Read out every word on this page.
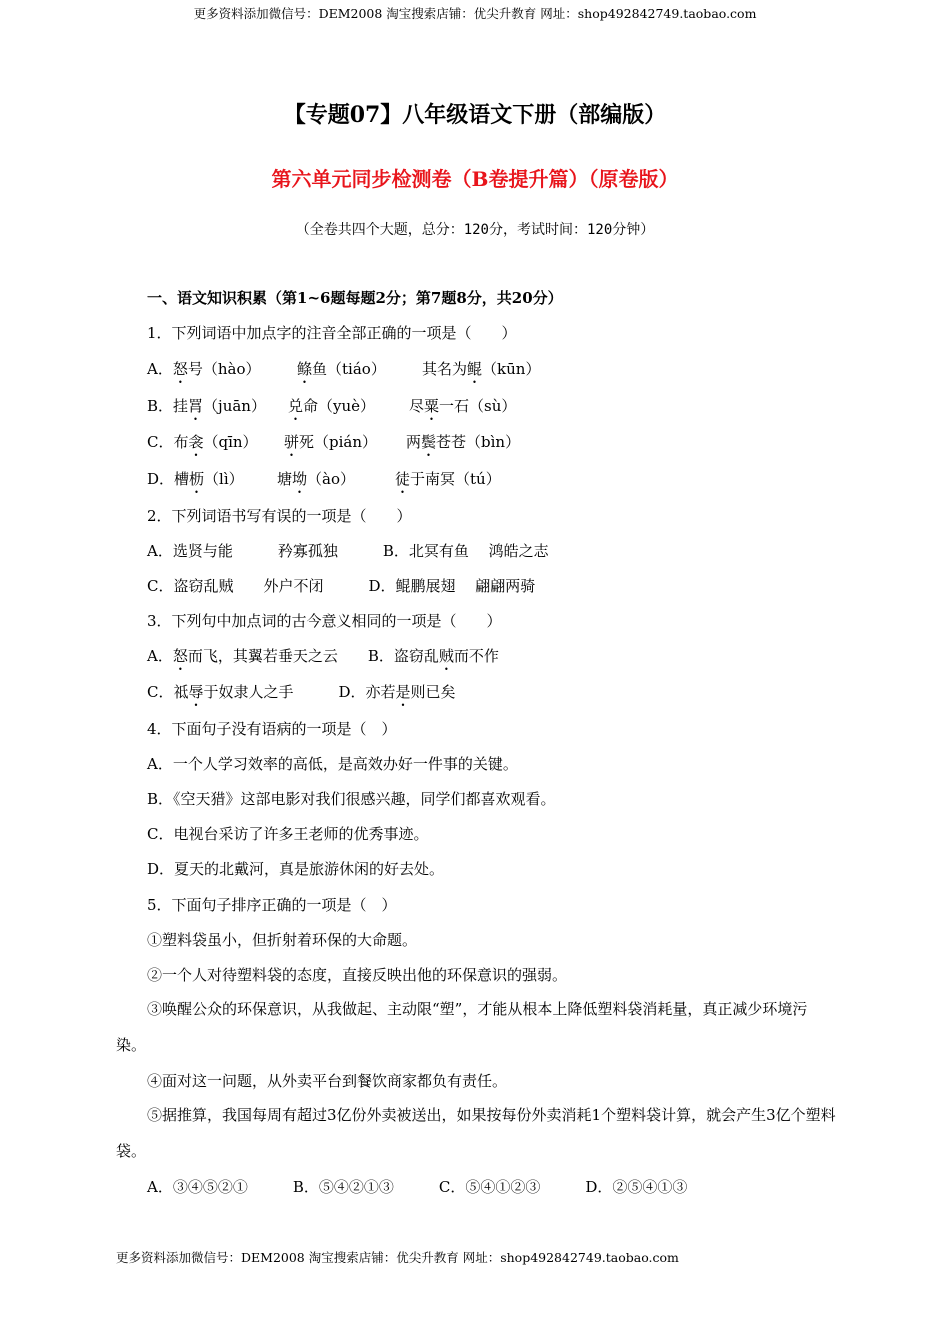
更多资料添加微信号：DEM2008 淘宝搜索店铺：优尖升教育 网址：shop492842749.taobao.com
【专题07】八年级语文下册（部编版）
第六单元同步检测卷（B卷提升篇）（原卷版）
（全卷共四个大题，总分：120分，考试时间：120分钟）
一、语文知识积累（第1~6题每题2分；第7题8分，共20分）
1．下列词语中加点字的注音全部正确的一项是（　　）
A．怒号（hào） 鲦鱼（tiáo） 其名为鲲（kūn）
B．挂罥（juān） 兑命（yuè） 尽粟一石（sù）
C．布衾（qīn） 骈死（pián） 两鬓苍苍（bìn）
D．槽枥（lì） 塘坳（ào）	徒于南冥（tú）
2．下列词语书写有误的一项是（　　）
A．选贤与能　　　矜寡孤独　　　B．北冥有鱼　 鸿皓之志
C．盗窃乱贼　　外户不闭　　　D．鲲鹏展翅　 翩翩两骑
3．下列句中加点词的古今意义相同的一项是（　　）
A．怒而飞，其翼若垂天之云　　B．盗窃乱贼而不作
C．祗辱于奴隶人之手　　　D．亦若是则已矣
4．下面句子没有语病的一项是（　）
A．一个人学习效率的高低，是高效办好一件事的关键。
B．《空天猎》这部电影对我们很感兴趣，同学们都喜欢观看。
C．电视台采访了许多王老师的优秀事迹。
D．夏天的北戴河，真是旅游休闲的好去处。
5．下面句子排序正确的一项是（　）
①塑料袋虽小，但折射着环保的大命题。
②一个人对待塑料袋的态度，直接反映出他的环保意识的强弱。
③唤醒公众的环保意识，从我做起、主动限“塑”，才能从根本上降低塑料袋消耗量，真正减少环境污染。
④面对这一问题，从外卖平台到餐饮商家都负有责任。
⑤据推算，我国每周有超过3亿份外卖被送出，如果按每份外卖消耗1个塑料袋计算，就会产生3亿个塑料袋。
A．③④⑤②①　　　B．⑤④②①③　　　C．⑤④①②③　　　D．②⑤④①③
更多资料添加微信号：DEM2008 淘宝搜索店铺：优尖升教育 网址：shop492842749.taobao.com
